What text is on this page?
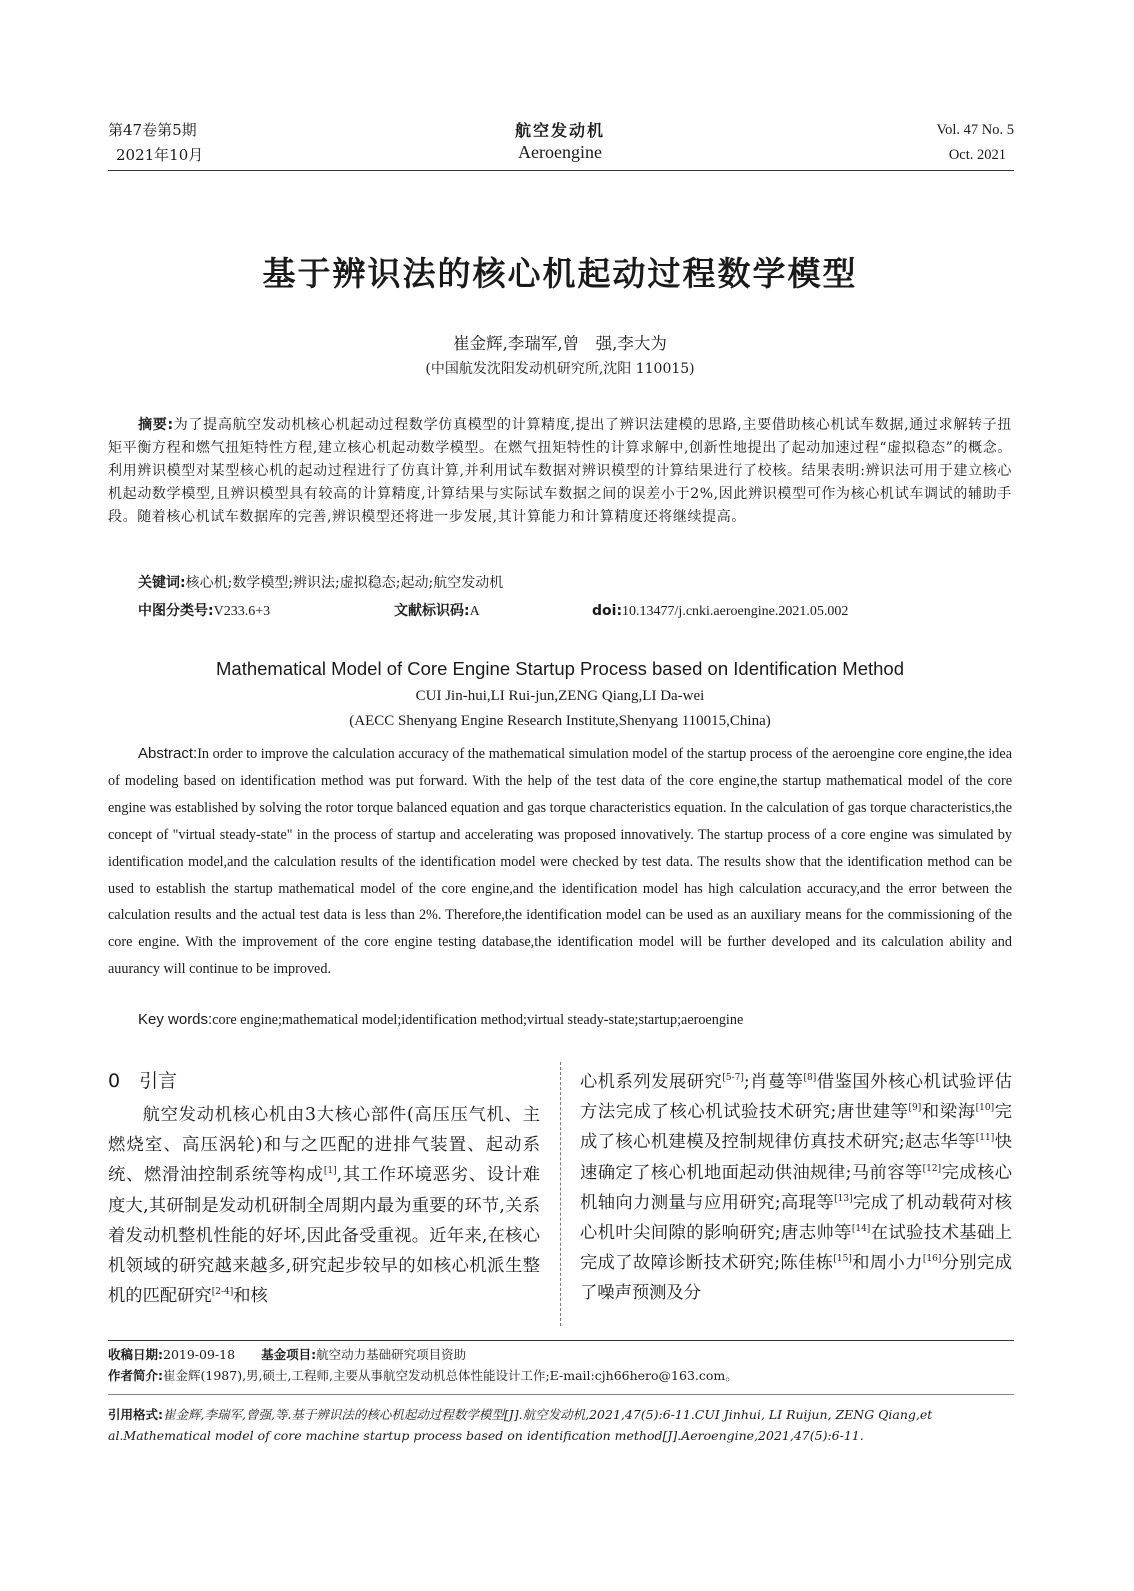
第47卷第5期
2021年10月
航空发动机
Aeroengine
Vol. 47 No. 5
Oct. 2021
基于辨识法的核心机起动过程数学模型
崔金辉,李瑞军,曾　强,李大为
(中国航发沈阳发动机研究所,沈阳 110015)
摘要:为了提高航空发动机核心机起动过程数学仿真模型的计算精度,提出了辨识法建模的思路,主要借助核心机试车数据,通过求解转子扭矩平衡方程和燃气扭矩特性方程,建立核心机起动数学模型。在燃气扭矩特性的计算求解中,创新性地提出了起动加速过程“虚拟稳态”的概念。利用辨识模型对某型核心机的起动过程进行了仿真计算,并利用试车数据对辨识模型的计算结果进行了校核。结果表明:辨识法可用于建立核心机起动数学模型,且辨识模型具有较高的计算精度,计算结果与实际试车数据之间的误差小于2%,因此辨识模型可作为核心机试车调试的辅助手段。随着核心机试车数据库的完善,辨识模型还将进一步发展,其计算能力和计算精度还将继续提高。
关键词:核心机;数学模型;辨识法;虚拟稳态;起动;航空发动机
中图分类号:V233.6+3	文献标识码:A	doi:10.13477/j.cnki.aeroengine.2021.05.002
Mathematical Model of Core Engine Startup Process based on Identification Method
CUI Jin-hui,LI Rui-jun,ZENG Qiang,LI Da-wei
(AECC Shenyang Engine Research Institute,Shenyang 110015,China)
Abstract:In order to improve the calculation accuracy of the mathematical simulation model of the startup process of the aeroengine core engine,the idea of modeling based on identification method was put forward. With the help of the test data of the core engine,the startup mathematical model of the core engine was established by solving the rotor torque balanced equation and gas torque characteristics equation. In the calculation of gas torque characteristics,the concept of "virtual steady-state" in the process of startup and accelerating was proposed innovatively. The startup process of a core engine was simulated by identification model,and the calculation results of the identification model were checked by test data. The results show that the identification method can be used to establish the startup mathematical model of the core engine,and the identification model has high calculation accuracy,and the error between the calculation results and the actual test data is less than 2%. Therefore,the identification model can be used as an auxiliary means for the commissioning of the core engine. With the improvement of the core engine testing database,the identification model will be further developed and its calculation ability and auurancy will continue to be improved.
Key words:core engine;mathematical model;identification method;virtual steady-state;startup;aeroengine
0　引言
航空发动机核心机由3大核心部件(高压压气机、主燃烧室、高压涡轮)和与之匹配的进排气装置、起动系统、燃滑油控制系统等构成[1],其工作环境恶劣、设计难度大,其研制是发动机研制全周期内最为重要的环节,关系着发动机整机性能的好坏,因此备受重视。近年来,在核心机领域的研究越来越多,研究起步较早的如核心机派生整机的匹配研究[2-4]和核
心机系列发展研究[5-7];肖蔓等[8]借鉴国外核心机试验评估方法完成了核心机试验技术研究;唐世建等[9]和梁海[10]完成了核心机建模及控制规律仿真技术研究;赵志华等[11]快速确定了核心机地面起动供油规律;马前容等[12]完成核心机轴向力测量与应用研究;高琨等[13]完成了机动载荷对核心机叶尖间隙的影响研究;唐志帅等[14]在试验技术基础上完成了故障诊断技术研究;陈佳栋[15]和周小力[16]分别完成了噪声预测及分
收稿日期:2019-09-18 基金项目:航空动力基础研究项目资助
作者简介:崔金辉(1987),男,硕士,工程师,主要从事航空发动机总体性能设计工作;E-mail:cjh66hero@163.com。
引用格式:崔金辉,李瑞军,曾强,等.基于辨识法的核心机起动过程数学模型[J].航空发动机,2021,47(5):6-11.CUI Jinhui, LI Ruijun, ZENG Qiang,et al.Mathematical model of core machine startup process based on identification method[J].Aeroengine,2021,47(5):6-11.
